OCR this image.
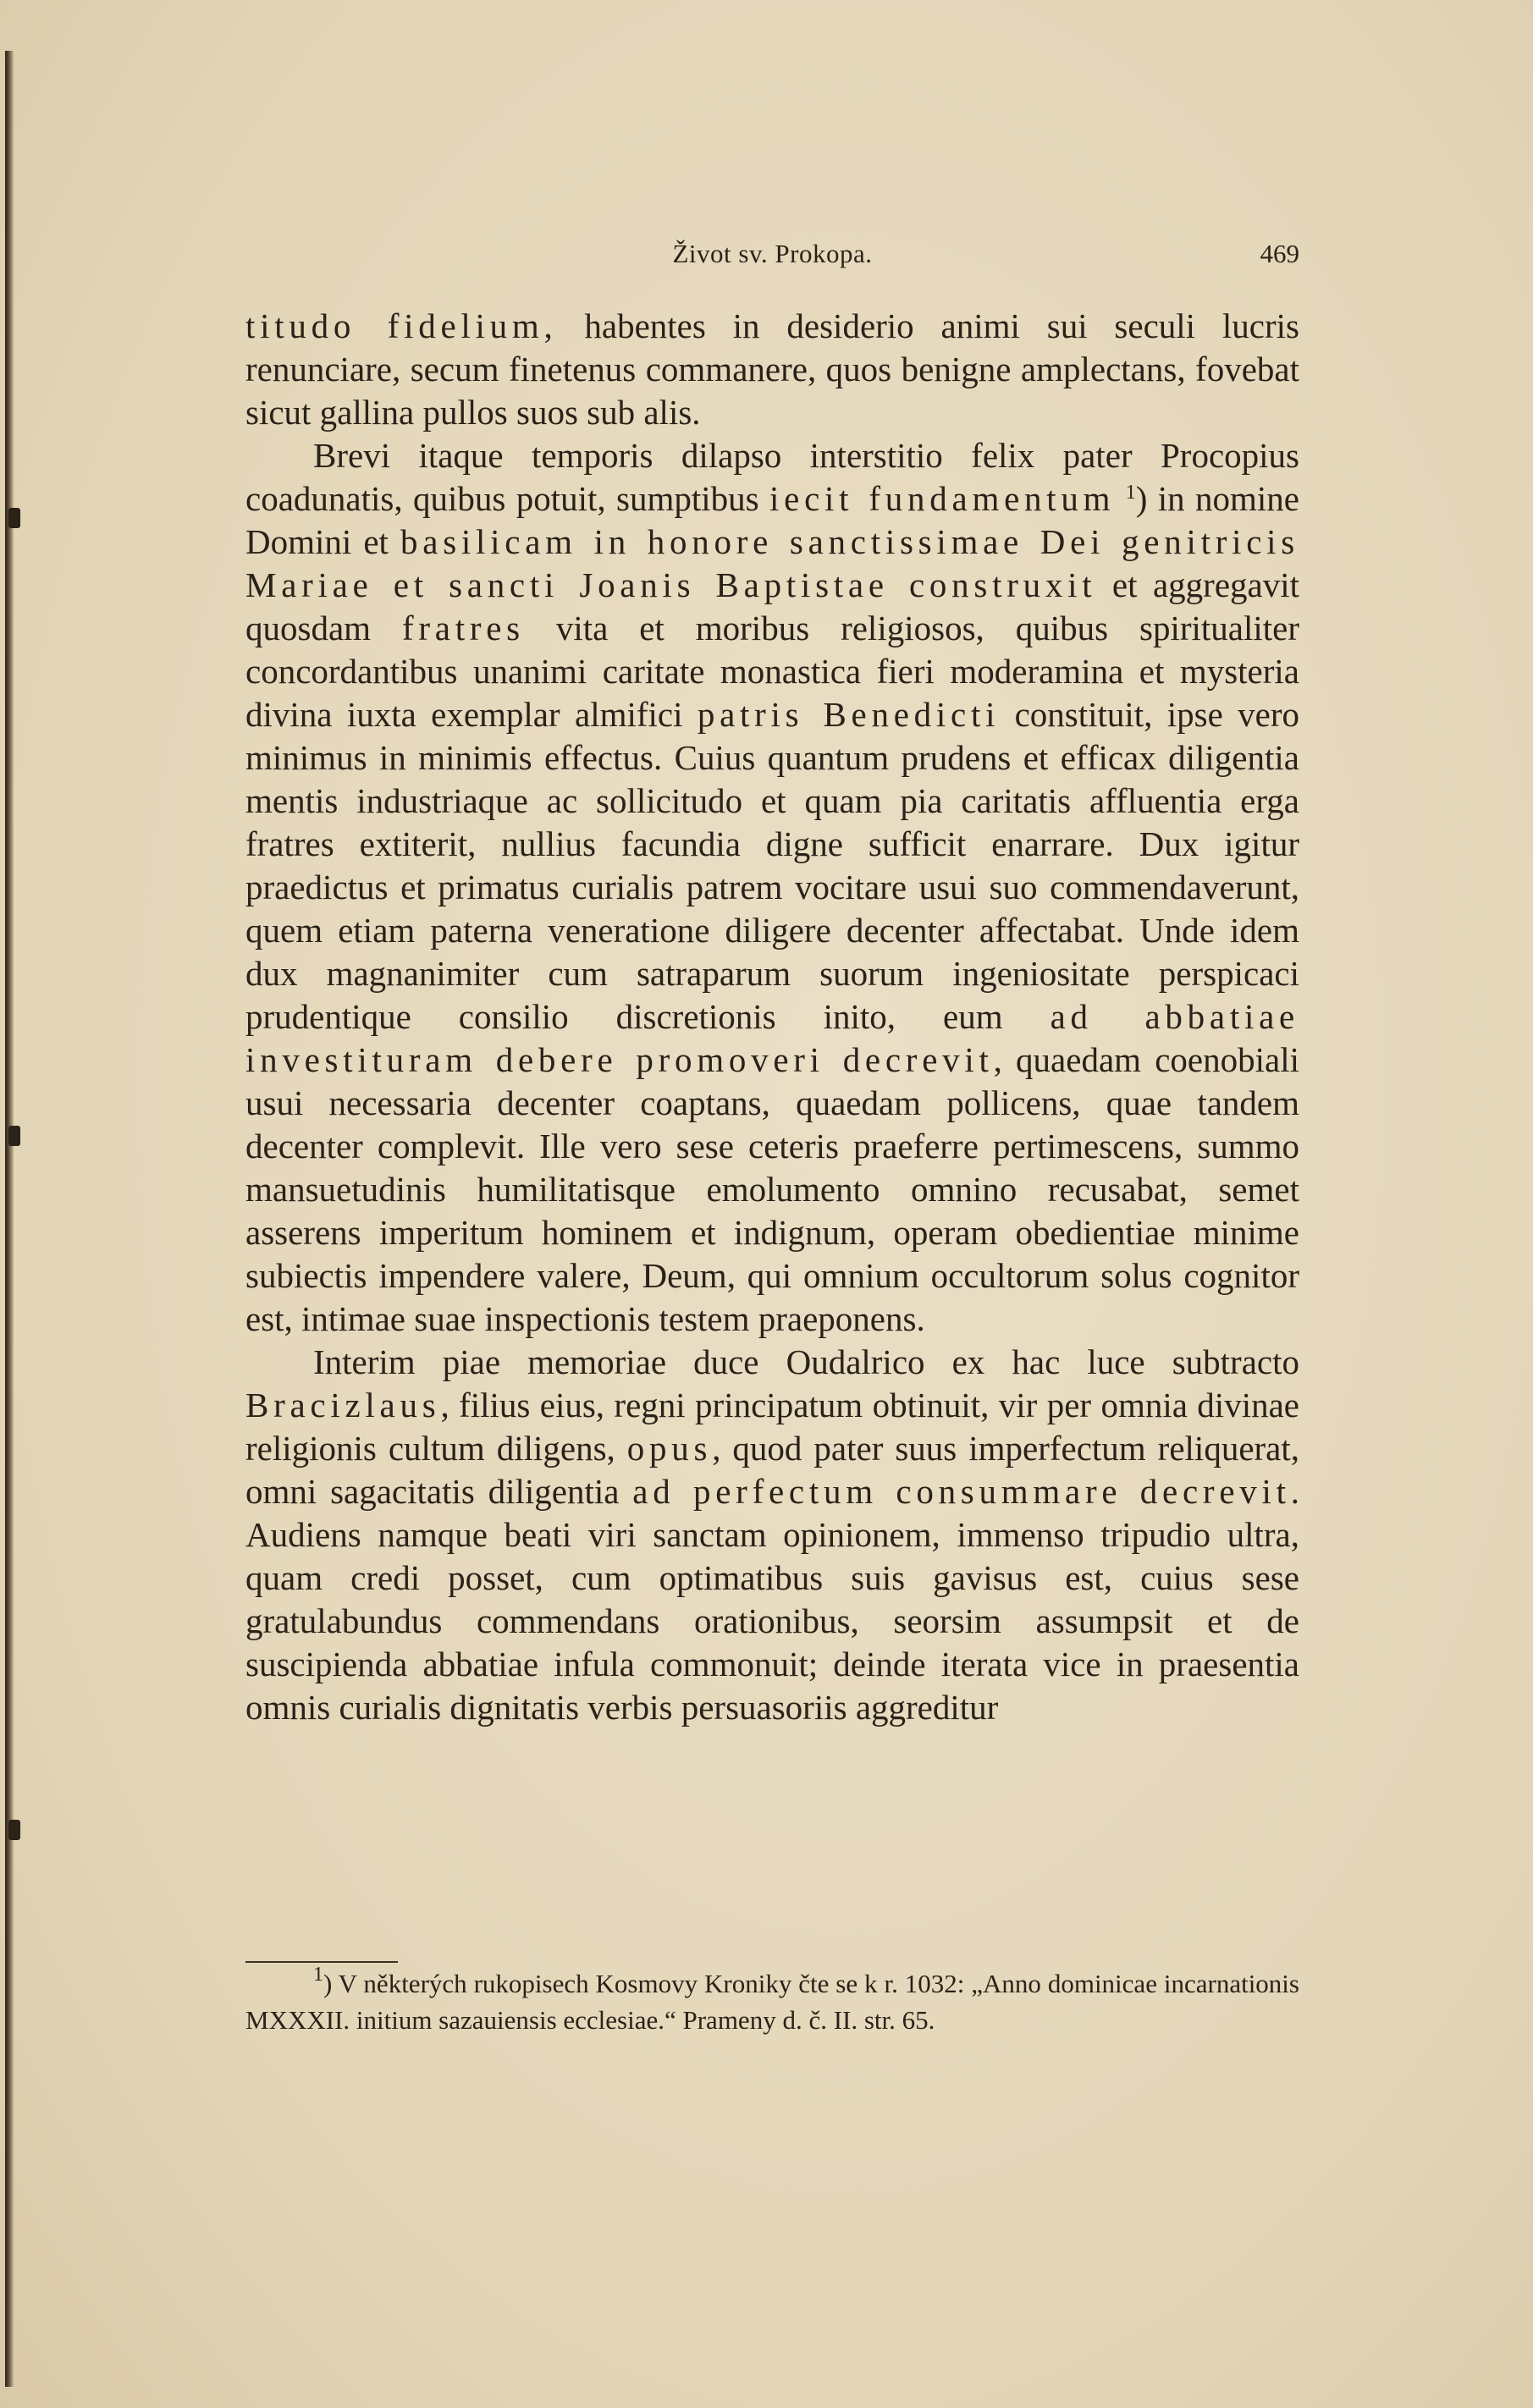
Život sv. Prokopa.	469

titudo fidelium, habentes in desiderio animi sui seculi lucris renunciare, secum finetenus commanere, quos benigne amplectans, fovebat sicut gallina pullos suos sub alis.

Brevi itaque temporis dilapso interstitio felix pater Procopius coadunatis, quibus potuit, sumptibus iecit fundamentum $^1$) in nomine Domini et basilicam in honore sanctissimae Dei genitricis Mariae et sancti Joanis Baptistae construxit et aggregavit quosdam fratres vita et moribus religiosos, quibus spiritualiter concordantibus unanimi caritate monastica fieri moderamina et mysteria divina iuxta exemplar almifici patris Benedicti constituit, ipse vero minimus in minimis effectus. Cuius quantum prudens et efficax diligentia mentis industriaque ac sollicitudo et quam pia caritatis affluentia erga fratres extiterit, nullius facundia digne sufficit enarrare. Dux igitur praedictus et primatus curialis patrem vocitare usui suo commendaverunt, quem etiam paterna veneratione diligere decenter affectabat. Unde idem dux magnanimiter cum satraparum suorum ingeniositate perspicaci prudentique consilio discretionis inito, eum ad abbatiae investituram debere promoveri decrevit, quaedam coenobiali usui necessaria decenter coaptans, quaedam pollicens, quae tandem decenter complevit. Ille vero sese ceteris praeferre pertimescens, summo mansuetudinis humilitatisque emolumento omnino recusabat, semet asserens imperitum hominem et indignum, operam obedientiae minime subiectis impendere valere, Deum, qui omnium occultorum solus cognitor est, intimae suae inspectionis testem praeponens.

Interim piae memoriae duce Oudalrico ex hac luce subtracto Bracizlaus, filius eius, regni principatum obtinuit, vir per omnia divinae religionis cultum diligens, opus, quod pater suus imperfectum reliquerat, omni sagacitatis diligentia ad perfectum consummare decrevit. Audiens namque beati viri sanctam opinionem, immenso tripudio ultra, quam credi posset, cum optimatibus suis gavisus est, cuius sese gratulabundus commendans orationibus, seorsim assumpsit et de suscipienda abbatiae infula commonuit; deinde iterata vice in praesentia omnis curialis dignitatis verbis persuasoriis aggreditur

$^1$) V některých rukopisech Kosmovy Kroniky čte se k r. 1032: „Anno dominicae incarnationis MXXXII. initium sazauiensis ecclesiae.“ Prameny d. č. II. str. 65.
